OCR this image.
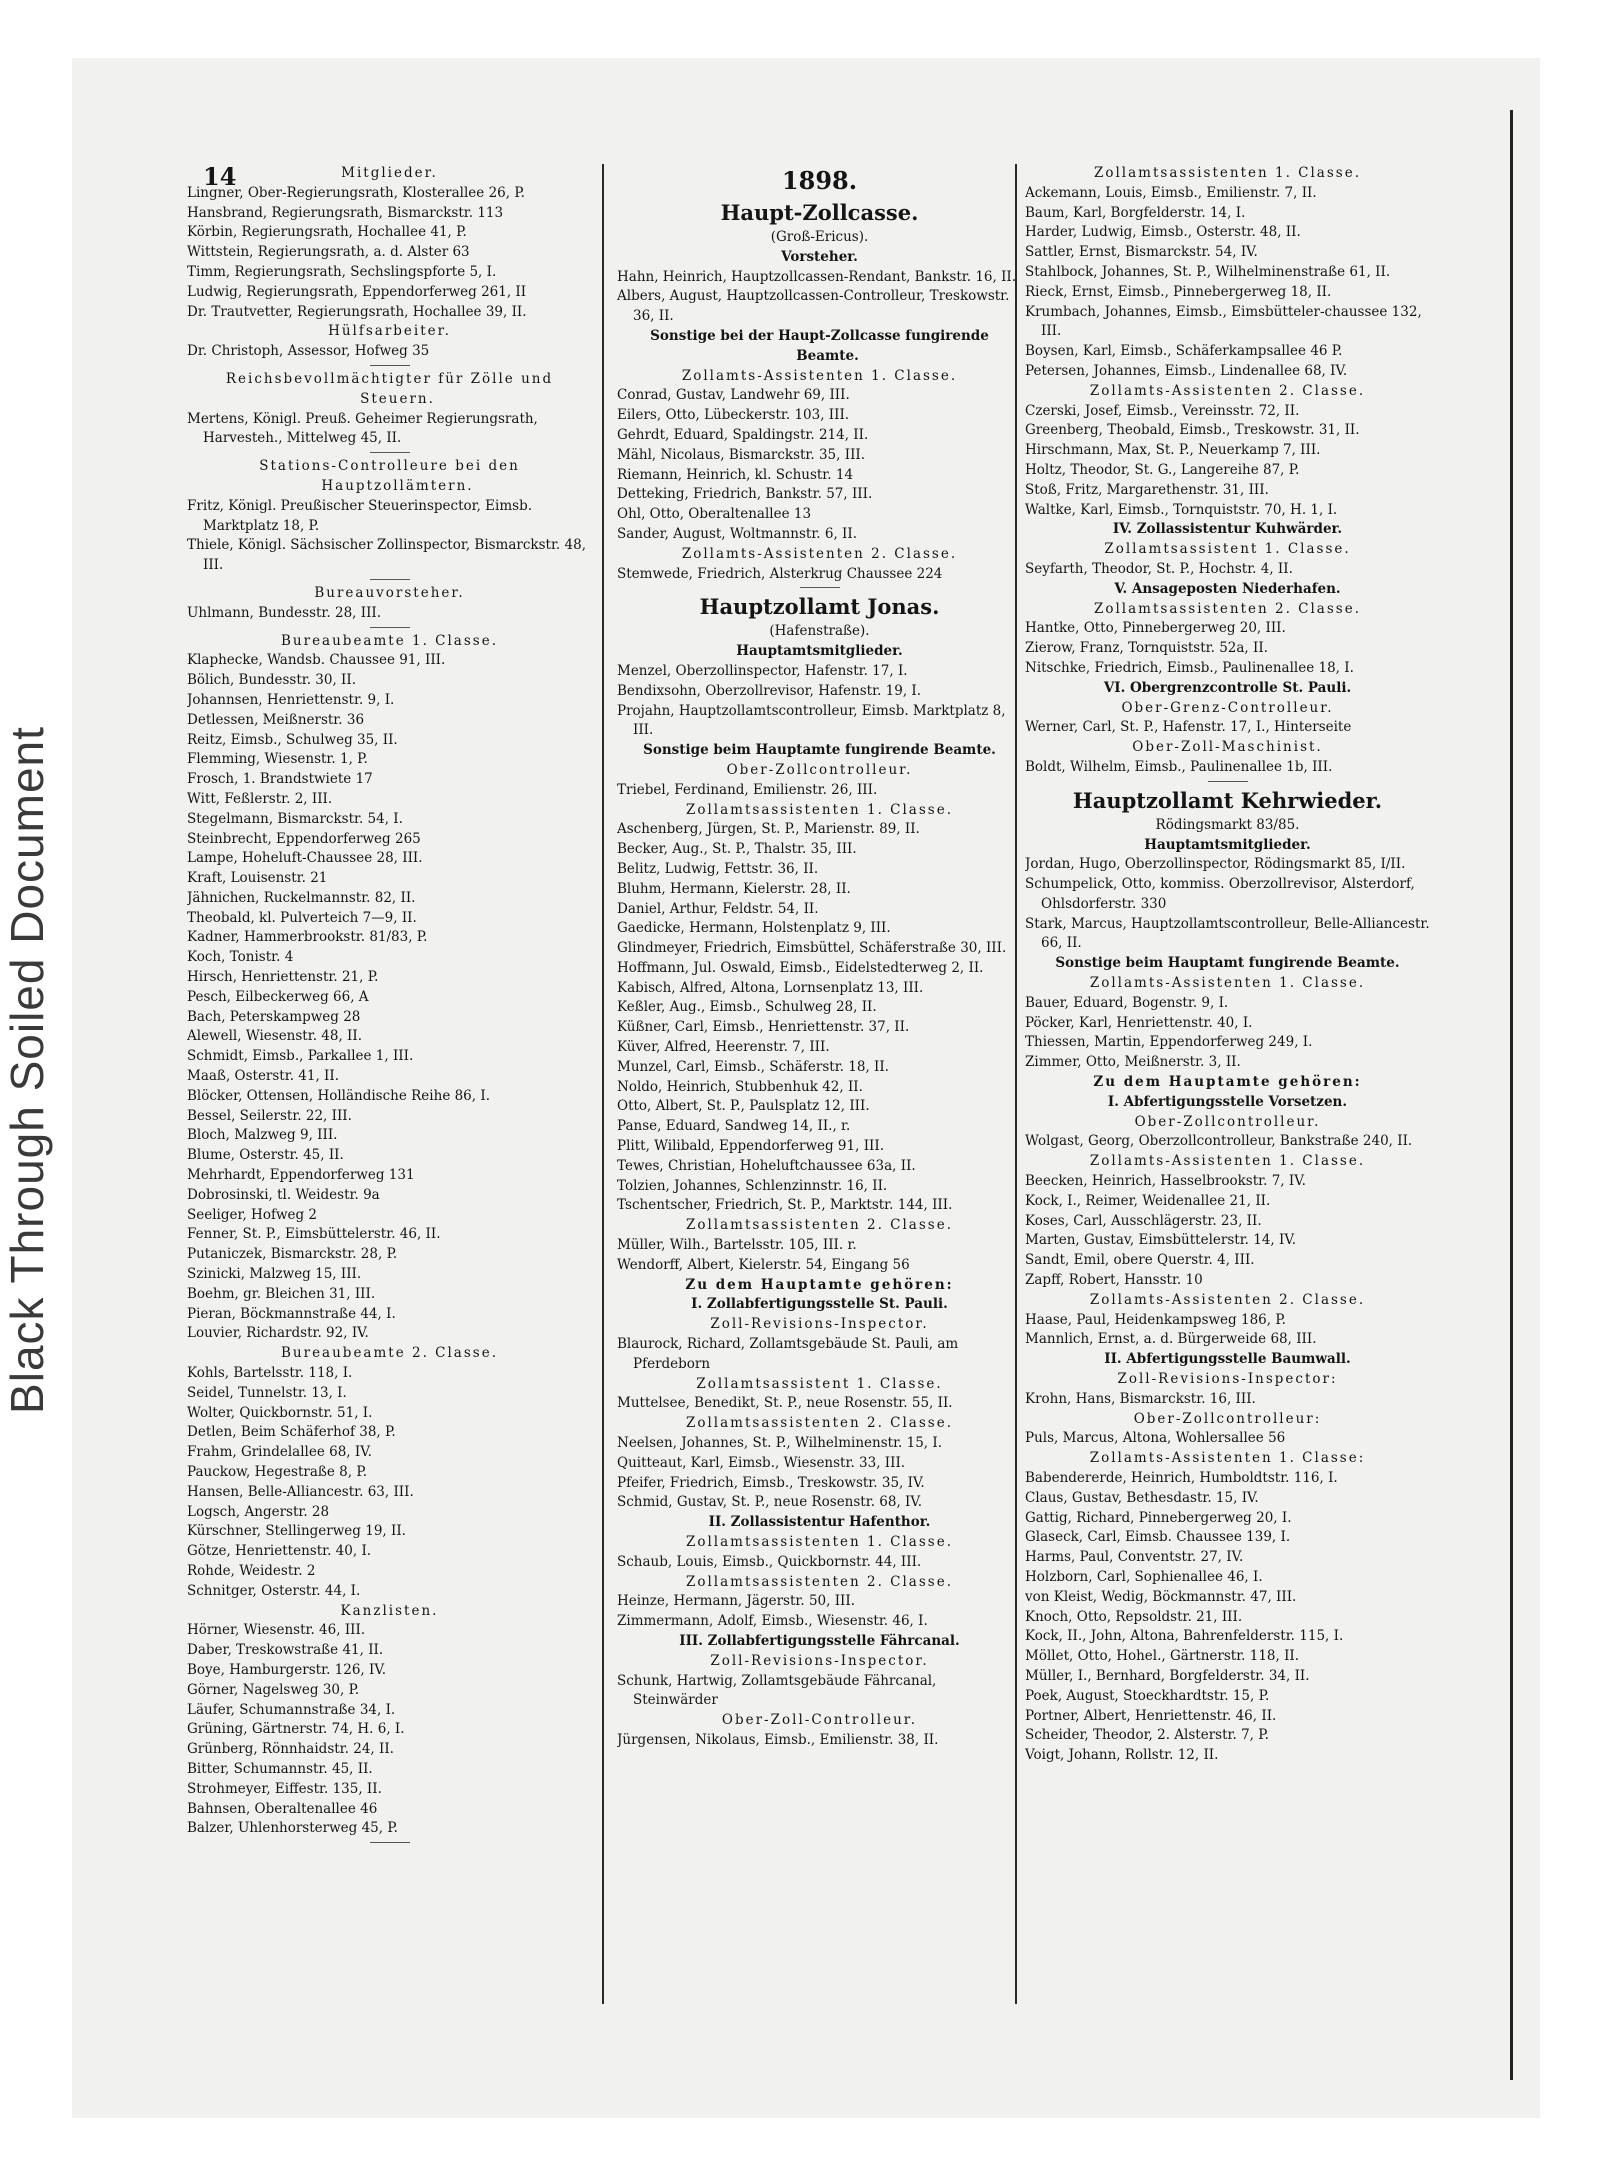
Black Through Soiled Document
14	Mitglieder.
Lingner, Ober-Regierungsrath, Klosterallee 26, P.
Hansbrand, Regierungsrath, Bismarckstr. 113
Körbin, Regierungsrath, Hochallee 41, P.
Wittstein, Regierungsrath, a. d. Alster 63
Timm, Regierungsrath, Sechslingspforte 5, I.
Ludwig, Regierungsrath, Eppendorferweg 261, II
Dr. Trautvetter, Regierungsrath, Hochallee 39, II.
Hülfsarbeiter.
Dr. Christoph, Assessor, Hofweg 35
Reichsbevollmächtigter für Zölle und Steuern.
Mertens, Königl. Preuß. Geheimer Regierungsrath, Harvesteh., Mittelweg 45, II.
Stations-Controlleure bei den Hauptzollämtern.
Fritz, Königl. Preußischer Steuerinspector, Eimsb. Marktplatz 18, P.
Thiele, Königl. Sächsischer Zollinspector, Bismarckstr. 48, III.
Bureauvorsteher.
Uhlmann, Bundesstr. 28, III.
Bureaubeamte 1. Classe.
Klaphecke, Wandsb. Chaussee 91, III.
Bölich, Bundesstr. 30, II.
Johannsen, Henriettenstr. 9, I.
Detlessen, Meißnerstr. 36
Reitz, Eimsb., Schulweg 35, II.
Flemming, Wiesenstr. 1, P.
Frosch, 1. Brandstwiete 17
Witt, Feßlerstr. 2, III.
Stegelmann, Bismarckstr. 54, I.
Steinbrecht, Eppendorferweg 265
Lampe, Hoheluft-Chaussee 28, III.
Kraft, Louisenstr. 21
Jähnichen, Ruckelmannstr. 82, II.
Theobald, kl. Pulverteich 7—9, II.
Kadner, Hammerbrookstr. 81/83, P.
Koch, Tonistr. 4
Hirsch, Henriettenstr. 21, P.
Pesch, Eilbeckerweg 66, A
Bach, Peterskampweg 28
Alewell, Wiesenstr. 48, II.
Schmidt, Eimsb., Parkallee 1, III.
Maaß, Osterstr. 41, II.
Blöcker, Ottensen, Holländische Reihe 86, I.
Bessel, Seilerstr. 22, III.
Bloch, Malzweg 9, III.
Blume, Osterstr. 45, II.
Mehrhardt, Eppendorferweg 131
Dobrosinski, tl. Weidestr. 9a
Seeliger, Hofweg 2
Fenner, St. P., Eimsbüttelerstr. 46, II.
Putaniczek, Bismarckstr. 28, P.
Szinicki, Malzweg 15, III.
Boehm, gr. Bleichen 31, III.
Pieran, Böckmannstraße 44, I.
Louvier, Richardstr. 92, IV.
Bureaubeamte 2. Classe.
Kohls, Bartelsstr. 118, I.
Seidel, Tunnelstr. 13, I.
Wolter, Quickbornstr. 51, I.
Detlen, Beim Schäferhof 38, P.
Frahm, Grindelallee 68, IV.
Pauckow, Hegestraße 8, P.
Hansen, Belle-Alliancestr. 63, III.
Logsch, Angerstr. 28
Kürschner, Stellingerweg 19, II.
Götze, Henriettenstr. 40, I.
Rohde, Weidestr. 2
Schnitger, Osterstr. 44, I.
Kanzlisten.
Hörner, Wiesenstr. 46, III.
Daber, Treskowstraße 41, II.
Boye, Hamburgerstr. 126, IV.
Görner, Nagelsweg 30, P.
Läufer, Schumannstraße 34, I.
Grüning, Gärtnerstr. 74, H. 6, I.
Grünberg, Rönnhaidstr. 24, II.
Bitter, Schumannstr. 45, II.
Strohmeyer, Eiffestr. 135, II.
Bahnsen, Oberaltenallee 46
Balzer, Uhlenhorsterweg 45, P.
1898.
Haupt-Zollcasse.
(Groß-Ericus).
Vorsteher.
Hahn, Heinrich, Hauptzollcassen-Rendant, Bankstr. 16, II.
Albers, August, Hauptzollcassen-Controlleur, Treskowstr. 36, II.
Sonstige bei der Haupt-Zollcasse fungirende Beamte.
Zollamts-Assistenten 1. Classe.
Conrad, Gustav, Landwehr 69, III.
Eilers, Otto, Lübeckerstr. 103, III.
Gehrdt, Eduard, Spaldingstr. 214, II.
Mähl, Nicolaus, Bismarckstr. 35, III.
Riemann, Heinrich, kl. Schustr. 14
Detteking, Friedrich, Bankstr. 57, III.
Ohl, Otto, Oberaltenallee 13
Sander, August, Woltmannstr. 6, II.
Zollamts-Assistenten 2. Classe.
Stemwede, Friedrich, Alsterkrug Chaussee 224
Hauptzollamt Jonas.
(Hafenstraße).
Hauptamtsmitglieder.
Menzel, Oberzollinspector, Hafenstr. 17, I.
Bendixsohn, Oberzollrevisor, Hafenstr. 19, I.
Projahn, Hauptzollamtscontrolleur, Eimsb. Marktplatz 8, III.
Sonstige beim Hauptamte fungirende Beamte.
Ober-Zollcontrolleur.
Triebel, Ferdinand, Emilienstr. 26, III.
Zollamtsassistenten 1. Classe.
Aschenberg, Jürgen, St. P., Marienstr. 89, II.
Becker, Aug., St. P., Thalstr. 35, III.
Belitz, Ludwig, Fettstr. 36, II.
Bluhm, Hermann, Kielerstr. 28, II.
Daniel, Arthur, Feldstr. 54, II.
Gaedicke, Hermann, Holstenplatz 9, III.
Glindmeyer, Friedrich, Eimsbüttel, Schäferstraße 30, III.
Hoffmann, Jul. Oswald, Eimsb., Eidelstedterweg 2, II.
Kabisch, Alfred, Altona, Lornsenplatz 13, III.
Keßler, Aug., Eimsb., Schulweg 28, II.
Küßner, Carl, Eimsb., Henriettenstr. 37, II.
Küver, Alfred, Heerenstr. 7, III.
Munzel, Carl, Eimsb., Schäferstr. 18, II.
Noldo, Heinrich, Stubbenhuk 42, II.
Otto, Albert, St. P., Paulsplatz 12, III.
Panse, Eduard, Sandweg 14, II., r.
Plitt, Wilibald, Eppendorferweg 91, III.
Tewes, Christian, Hoheluftchaussee 63a, II.
Tolzien, Johannes, Schlenzinnstr. 16, II.
Tschentscher, Friedrich, St. P., Marktstr. 144, III.
Zollamtsassistenten 2. Classe.
Müller, Wilh., Bartelsstr. 105, III. r.
Wendorff, Albert, Kielerstr. 54, Eingang 56
Zu dem Hauptamte gehören:
I. Zollabfertigungsstelle St. Pauli.
Zoll-Revisions-Inspector.
Blaurock, Richard, Zollamtsgebäude St. Pauli, am Pferdeborn
Zollamtsassistent 1. Classe.
Muttelsee, Benedikt, St. P., neue Rosenstr. 55, II.
Zollamtsassistenten 2. Classe.
Neelsen, Johannes, St. P., Wilhelminenstr. 15, I.
Quitteaut, Karl, Eimsb., Wiesenstr. 33, III.
Pfeifer, Friedrich, Eimsb., Treskowstr. 35, IV.
Schmid, Gustav, St. P., neue Rosenstr. 68, IV.
II. Zollassistentur Hafenthor.
Zollamtsassistenten 1. Classe.
Schaub, Louis, Eimsb., Quickbornstr. 44, III.
Zollamtsassistenten 2. Classe.
Heinze, Hermann, Jägerstr. 50, III.
Zimmermann, Adolf, Eimsb., Wiesenstr. 46, I.
III. Zollabfertigungsstelle Fährcanal.
Zoll-Revisions-Inspector.
Schunk, Hartwig, Zollamtsgebäude Fährcanal, Steinwärder
Ober-Zoll-Controlleur.
Jürgensen, Nikolaus, Eimsb., Emilienstr. 38, II.
Zollamtsassistenten 1. Classe.
Ackemann, Louis, Eimsb., Emilienstr. 7, II.
Baum, Karl, Borgfelderstr. 14, I.
Harder, Ludwig, Eimsb., Osterstr. 48, II.
Sattler, Ernst, Bismarckstr. 54, IV.
Stahlbock, Johannes, St. P., Wilhelminenstraße 61, II.
Rieck, Ernst, Eimsb., Pinnebergerweg 18, II.
Krumbach, Johannes, Eimsb., Eimsbütteler-chaussee 132, III.
Boysen, Karl, Eimsb., Schäferkampsallee 46 P.
Petersen, Johannes, Eimsb., Lindenallee 68, IV.
Zollamts-Assistenten 2. Classe.
Czerski, Josef, Eimsb., Vereinsstr. 72, II.
Greenberg, Theobald, Eimsb., Treskowstr. 31, II.
Hirschmann, Max, St. P., Neuerkamp 7, III.
Holtz, Theodor, St. G., Langereihe 87, P.
Stoß, Fritz, Margarethenstr. 31, III.
Waltke, Karl, Eimsb., Tornquiststr. 70, H. 1, I.
IV. Zollassistentur Kuhwärder.
Zollamtsassistent 1. Classe.
Seyfarth, Theodor, St. P., Hochstr. 4, II.
V. Ansageposten Niederhafen.
Zollamtsassistenten 2. Classe.
Hantke, Otto, Pinnebergerweg 20, III.
Zierow, Franz, Tornquiststr. 52a, II.
Nitschke, Friedrich, Eimsb., Paulinenallee 18, I.
VI. Obergrenzcontrolle St. Pauli.
Ober-Grenz-Controlleur.
Werner, Carl, St. P., Hafenstr. 17, I., Hinterseite
Ober-Zoll-Maschinist.
Boldt, Wilhelm, Eimsb., Paulinenallee 1b, III.
Hauptzollamt Kehrwieder.
Rödingsmarkt 83/85.
Hauptamtsmitglieder.
Jordan, Hugo, Oberzollinspector, Rödingsmarkt 85, I/II.
Schumpelick, Otto, kommiss. Oberzollrevisor, Alsterdorf, Ohlsdorferstr. 330
Stark, Marcus, Hauptzollamtscontrolleur, Belle-Alliancestr. 66, II.
Sonstige beim Hauptamt fungirende Beamte.
Zollamts-Assistenten 1. Classe.
Bauer, Eduard, Bogenstr. 9, I.
Pöcker, Karl, Henriettenstr. 40, I.
Thiessen, Martin, Eppendorferweg 249, I.
Zimmer, Otto, Meißnerstr. 3, II.
Zu dem Hauptamte gehören:
I. Abfertigungsstelle Vorsetzen.
Ober-Zollcontrolleur.
Wolgast, Georg, Oberzollcontrolleur, Bankstraße 240, II.
Zollamts-Assistenten 1. Classe.
Beecken, Heinrich, Hasselbrookstr. 7, IV.
Kock, I., Reimer, Weidenallee 21, II.
Koses, Carl, Ausschlägerstr. 23, II.
Marten, Gustav, Eimsbüttelerstr. 14, IV.
Sandt, Emil, obere Querstr. 4, III.
Zapff, Robert, Hansstr. 10
Zollamts-Assistenten 2. Classe.
Haase, Paul, Heidenkampsweg 186, P.
Mannlich, Ernst, a. d. Bürgerweide 68, III.
II. Abfertigungsstelle Baumwall.
Zoll-Revisions-Inspector:
Krohn, Hans, Bismarckstr. 16, III.
Ober-Zollcontrolleur:
Puls, Marcus, Altona, Wohlersallee 56
Zollamts-Assistenten 1. Classe:
Babendererde, Heinrich, Humboldtstr. 116, I.
Claus, Gustav, Bethesdastr. 15, IV.
Gattig, Richard, Pinnebergerweg 20, I.
Glaseck, Carl, Eimsb. Chaussee 139, I.
Harms, Paul, Conventstr. 27, IV.
Holzborn, Carl, Sophienallee 46, I.
von Kleist, Wedig, Böckmannstr. 47, III.
Knoch, Otto, Repsoldstr. 21, III.
Kock, II., John, Altona, Bahrenfelderstr. 115, I.
Möllet, Otto, Hohel., Gärtnerstr. 118, II.
Müller, I., Bernhard, Borgfelderstr. 34, II.
Poek, August, Stoeckhardtstr. 15, P.
Portner, Albert, Henriettenstr. 46, II.
Scheider, Theodor, 2. Alsterstr. 7, P.
Voigt, Johann, Rollstr. 12, II.
